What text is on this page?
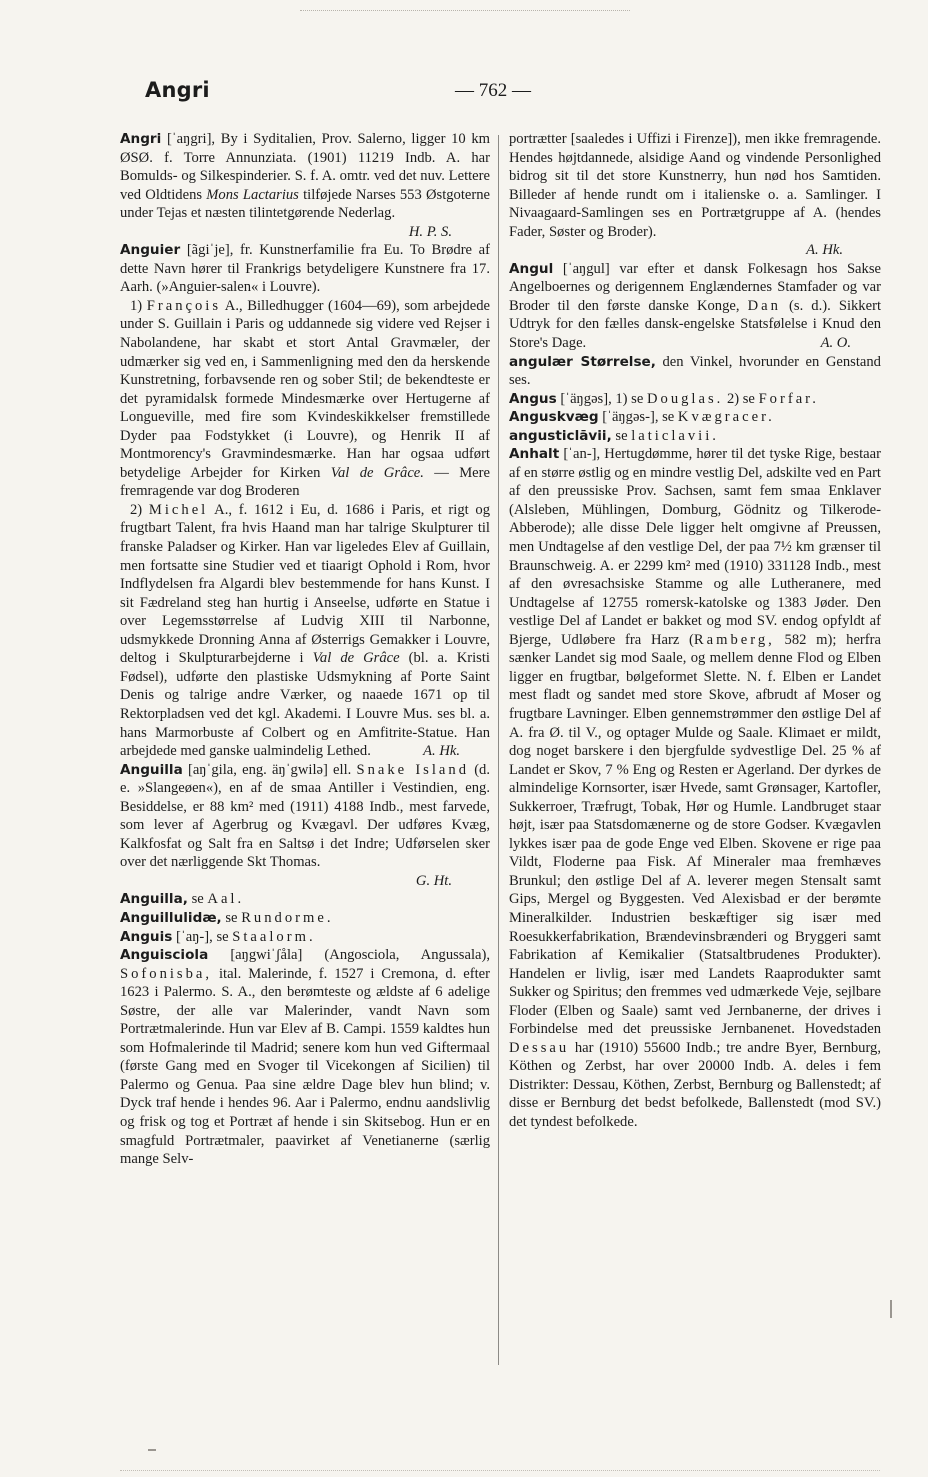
Angri	— 762 —

Angri [ˈaŋgri], By i Syditalien, Prov. Salerno, ligger 10 km ØSØ. f. Torre Annunziata. (1901) 11219 Indb. A. har Bomulds- og Silkespinderier. S. f. A. omtr. ved det nuv. Lettere ved Oldtidens Mons Lactarius tilføjede Narses 553 Østgoterne under Tejas et næsten tilintetgørende Nederlag.
H. P. S.

Anguier [ãgiˈje], fr. Kunstnerfamilie fra Eu. To Brødre af dette Navn hører til Frankrigs betydeligere Kunstnere fra 17. Aarh. (»Anguier-salen« i Louvre).

1) François A., Billedhugger (1604—69), som arbejdede under S. Guillain i Paris og uddannede sig videre ved Rejser i Nabolandene, har skabt et stort Antal Gravmæler, der udmærker sig ved en, i Sammenligning med den da herskende Kunstretning, forbavsende ren og sober Stil; de bekendteste er det pyramidalsk formede Mindesmærke over Hertugerne af Longueville, med fire som Kvindeskikkelser fremstillede Dyder paa Fodstykket (i Louvre), og Henrik II af Montmorency's Gravmindesmærke. Han har ogsaa udført betydelige Arbejder for Kirken Val de Grâce. — Mere fremragende var dog Broderen

2) Michel A., f. 1612 i Eu, d. 1686 i Paris, et rigt og frugtbart Talent, fra hvis Haand man har talrige Skulpturer til franske Paladser og Kirker. Han var ligeledes Elev af Guillain, men fortsatte sine Studier ved et tiaarigt Ophold i Rom, hvor Indflydelsen fra Algardi blev bestemmende for hans Kunst. I sit Fædreland steg han hurtig i Anseelse, udførte en Statue i over Legemsstørrelse af Ludvig XIII til Narbonne, udsmykkede Dronning Anna af Østerrigs Gemakker i Louvre, deltog i Skulpturarbejderne i Val de Grâce (bl. a. Kristi Fødsel), udførte den plastiske Udsmykning af Porte Saint Denis og talrige andre Værker, og naaede 1671 op til Rektorpladsen ved det kgl. Akademi. I Louvre Mus. ses bl. a. hans Marmorbuste af Colbert og en Amfitrite-Statue. Han arbejdede med ganske ualmindelig Lethed.	A. Hk.

Anguilla [aŋˈgila, eng. äŋˈgwilə] ell. Snake Island (d. e. »Slangeøen«), en af de smaa Antiller i Vestindien, eng. Besiddelse, er 88 km² med (1911) 4188 Indb., mest farvede, som lever af Agerbrug og Kvægavl. Der udføres Kvæg, Kalkfosfat og Salt fra en Saltsø i det Indre; Udførselen sker over det nærliggende Skt Thomas.
G. Ht.

Anguilla, se Aal.

Anguillulidæ, se Rundorme.

Anguis [ˈaŋ-], se Staalorm.

Anguisciola [aŋgwiˈʃåla] (Angosciola, Angussala), Sofonisba, ital. Malerinde, f. 1527 i Cremona, d. efter 1623 i Palermo. S. A., den berømteste og ældste af 6 adelige Søstre, der alle var Malerinder, vandt Navn som Portrætmalerinde. Hun var Elev af B. Campi. 1559 kaldtes hun som Hofmalerinde til Madrid; senere kom hun ved Giftermaal (første Gang med en Svoger til Vicekongen af Sicilien) til Palermo og Genua. Paa sine ældre Dage blev hun blind; v. Dyck traf hende i hendes 96. Aar i Palermo, endnu aandslivlig og frisk og tog et Portræt af hende i sin Skitsebog. Hun er en smagfuld Portrætmaler, paavirket af Venetianerne (særlig mange Selv-

portrætter [saaledes i Uffizi i Firenze]), men ikke fremragende. Hendes højtdannede, alsidige Aand og vindende Personlighed bidrog sit til det store Kunstnerry, hun nød hos Samtiden. Billeder af hende rundt om i italienske o. a. Samlinger. I Nivaagaard-Samlingen ses en Portrætgruppe af A. (hendes Fader, Søster og Broder).
A. Hk.

Angul [ˈaŋgul] var efter et dansk Folkesagn hos Sakse Angelboernes og derigennem Englændernes Stamfader og var Broder til den første danske Konge, Dan (s. d.). Sikkert Udtryk for den fælles dansk-engelske Statsfølelse i Knud den Store's Dage.	A. O.

angulær Størrelse, den Vinkel, hvorunder en Genstand ses.

Angus [ˈäŋgəs], 1) se Douglas. 2) se Forfar.

Anguskvæg [ˈäŋgəs-], se Kvægracer.

angusticlāvii, se laticlavii.

Anhalt [ˈan-], Hertugdømme, hører til det tyske Rige, bestaar af en større østlig og en mindre vestlig Del, adskilte ved en Part af den preussiske Prov. Sachsen, samt fem smaa Enklaver (Alsleben, Mühlingen, Domburg, Gödnitz og Tilkerode-Abberode); alle disse Dele ligger helt omgivne af Preussen, men Undtagelse af den vestlige Del, der paa 7½ km grænser til Braunschweig. A. er 2299 km² med (1910) 331128 Indb., mest af den øvresachsiske Stamme og alle Lutheranere, med Undtagelse af 12755 romersk-katolske og 1383 Jøder. Den vestlige Del af Landet er bakket og mod SV. endog opfyldt af Bjerge, Udløbere fra Harz (Ramberg, 582 m); herfra sænker Landet sig mod Saale, og mellem denne Flod og Elben ligger en frugtbar, bølgeformet Slette. N. f. Elben er Landet mest fladt og sandet med store Skove, afbrudt af Moser og frugtbare Lavninger. Elben gennemstrømmer den østlige Del af A. fra Ø. til V., og optager Mulde og Saale. Klimaet er mildt, dog noget barskere i den bjergfulde sydvestlige Del. 25 % af Landet er Skov, 7 % Eng og Resten er Agerland. Der dyrkes de almindelige Kornsorter, især Hvede, samt Grønsager, Kartofler, Sukkerroer, Træfrugt, Tobak, Hør og Humle. Landbruget staar højt, især paa Statsdomænerne og de store Godser. Kvægavlen lykkes især paa de gode Enge ved Elben. Skovene er rige paa Vildt, Floderne paa Fisk. Af Mineraler maa fremhæves Brunkul; den østlige Del af A. leverer megen Stensalt samt Gips, Mergel og Byggesten. Ved Alexisbad er der berømte Mineralkilder. Industrien beskæftiger sig især med Roesukkerfabrikation, Brændevinsbrænderi og Bryggeri samt Fabrikation af Kemikalier (Statsaltbrudenes Produkter). Handelen er livlig, især med Landets Raaprodukter samt Sukker og Spiritus; den fremmes ved udmærkede Veje, sejlbare Floder (Elben og Saale) samt ved Jernbanerne, der drives i Forbindelse med det preussiske Jernbanenet. Hovedstaden Dessau har (1910) 55600 Indb.; tre andre Byer, Bernburg, Köthen og Zerbst, har over 20000 Indb. A. deles i fem Distrikter: Dessau, Köthen, Zerbst, Bernburg og Ballenstedt; af disse er Bernburg det bedst befolkede, Ballenstedt (mod SV.) det tyndest befolkede.
